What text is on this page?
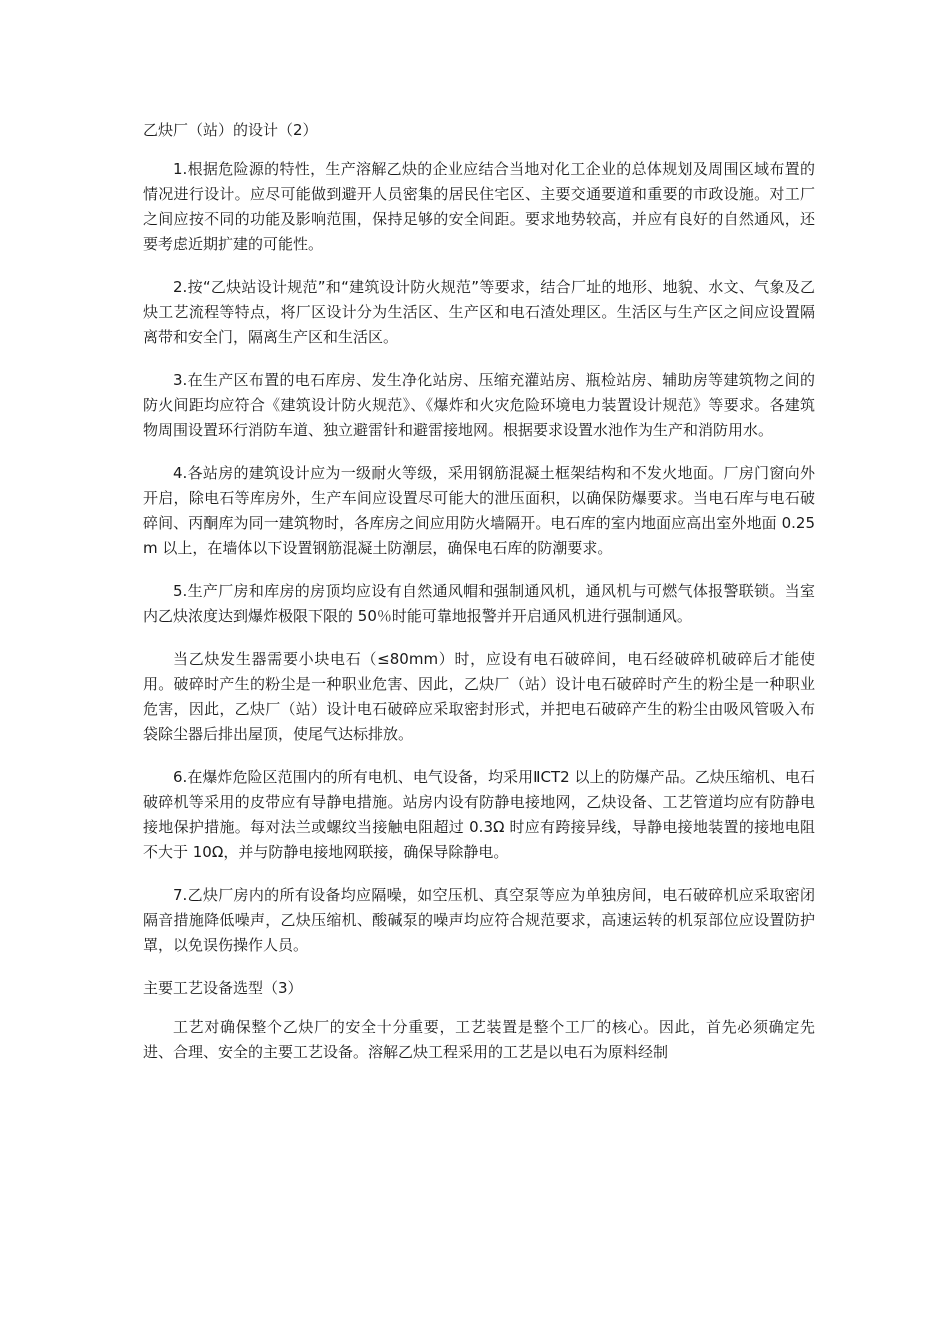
乙炔厂（站）的设计（2）

1.根据危险源的特性，生产溶解乙炔的企业应结合当地对化工企业的总体规划及周围区域布置的情况进行设计。应尽可能做到避开人员密集的居民住宅区、主要交通要道和重要的市政设施。对工厂之间应按不同的功能及影响范围，保持足够的安全间距。要求地势较高，并应有良好的自然通风，还要考虑近期扩建的可能性。

2.按“乙炔站设计规范”和“建筑设计防火规范”等要求，结合厂址的地形、地貌、水文、气象及乙炔工艺流程等特点，将厂区设计分为生活区、生产区和电石渣处理区。生活区与生产区之间应设置隔离带和安全门，隔离生产区和生活区。

3.在生产区布置的电石库房、发生净化站房、压缩充灌站房、瓶检站房、辅助房等建筑物之间的防火间距均应符合《建筑设计防火规范》、《爆炸和火灾危险环境电力装置设计规范》等要求。各建筑物周围设置环行消防车道、独立避雷针和避雷接地网。根据要求设置水池作为生产和消防用水。

4.各站房的建筑设计应为一级耐火等级，采用钢筋混凝土框架结构和不发火地面。厂房门窗向外开启，除电石等库房外，生产车间应设置尽可能大的泄压面积，以确保防爆要求。当电石库与电石破碎间、丙酮库为同一建筑物时，各库房之间应用防火墙隔开。电石库的室内地面应高出室外地面 0.25m 以上，在墙体以下设置钢筋混凝土防潮层，确保电石库的防潮要求。

5.生产厂房和库房的房顶均应设有自然通风帽和强制通风机，通风机与可燃气体报警联锁。当室内乙炔浓度达到爆炸极限下限的 50％时能可靠地报警并开启通风机进行强制通风。

当乙炔发生器需要小块电石（≤80mm）时，应设有电石破碎间，电石经破碎机破碎后才能使用。破碎时产生的粉尘是一种职业危害、因此，乙炔厂（站）设计电石破碎时产生的粉尘是一种职业危害，因此，乙炔厂（站）设计电石破碎应采取密封形式，并把电石破碎产生的粉尘由吸风管吸入布袋除尘器后排出屋顶，使尾气达标排放。

6.在爆炸危险区范围内的所有电机、电气设备，均采用ⅡCT2 以上的防爆产品。乙炔压缩机、电石破碎机等采用的皮带应有导静电措施。站房内设有防静电接地网，乙炔设备、工艺管道均应有防静电接地保护措施。每对法兰或螺纹当接触电阻超过 0.3Ω 时应有跨接异线，导静电接地装置的接地电阻不大于 10Ω，并与防静电接地网联接，确保导除静电。

7.乙炔厂房内的所有设备均应隔噪，如空压机、真空泵等应为单独房间，电石破碎机应采取密闭隔音措施降低噪声，乙炔压缩机、酸碱泵的噪声均应符合规范要求，高速运转的机泵部位应设置防护罩，以免误伤操作人员。

主要工艺设备选型（3）

工艺对确保整个乙炔厂的安全十分重要，工艺装置是整个工厂的核心。因此，首先必须确定先进、合理、安全的主要工艺设备。溶解乙炔工程采用的工艺是以电石为原料经制
